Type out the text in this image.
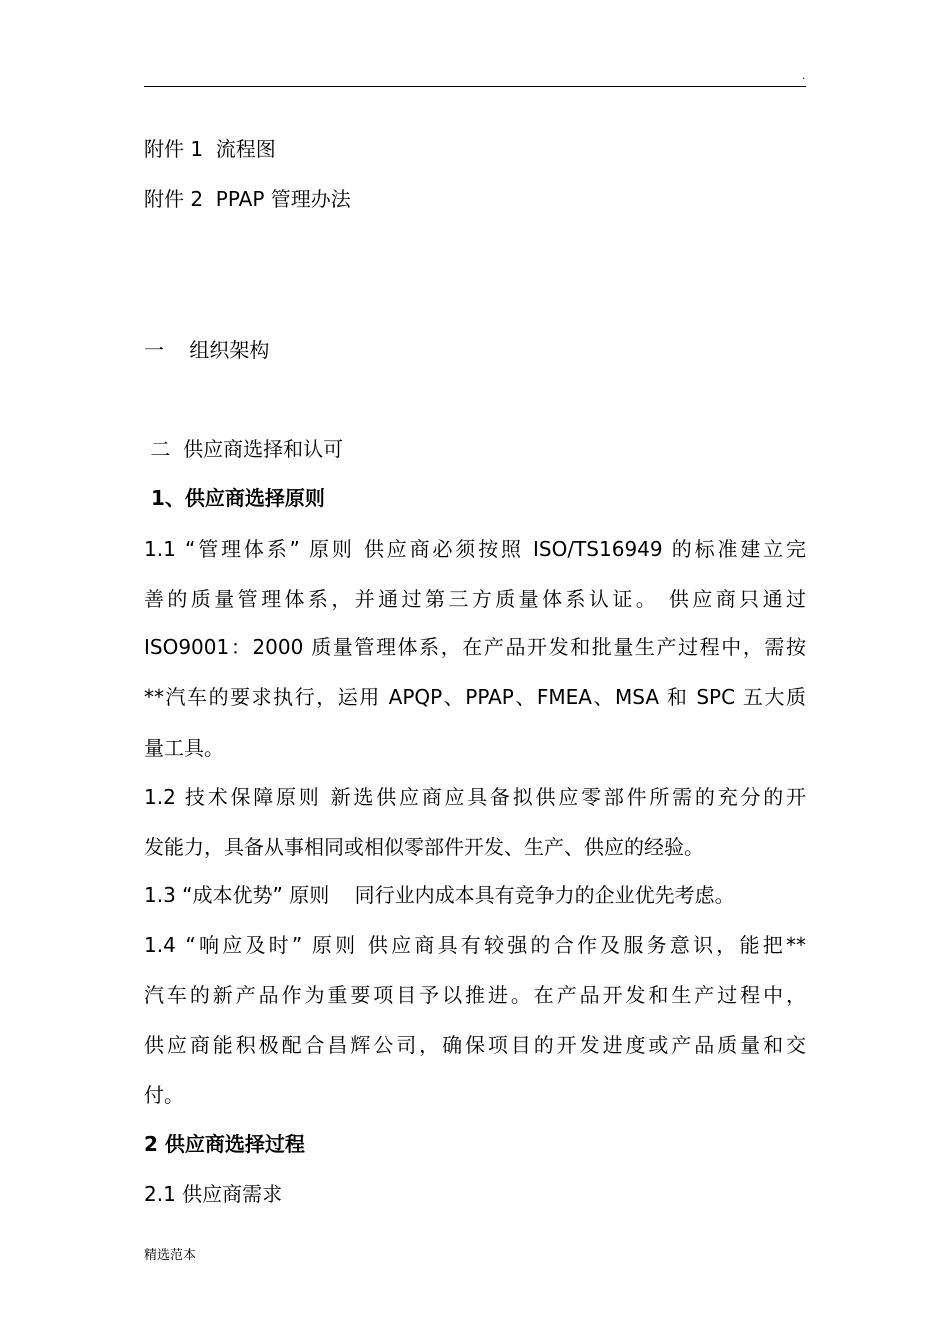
.
附件 1  流程图
附件 2  PPAP 管理办法
一    组织架构
二  供应商选择和认可
1、供应商选择原则
1.1 “管理体系” 原则 供应商必须按照 ISO/TS16949 的标准建立完
善的质量管理体系，并通过第三方质量体系认证。 供应商只通过
ISO9001：2000 质量管理体系，在产品开发和批量生产过程中，需按
**汽车的要求执行，运用 APQP、PPAP、FMEA、MSA 和 SPC 五大质
量工具。
1.2 技术保障原则 新选供应商应具备拟供应零部件所需的充分的开
发能力，具备从事相同或相似零部件开发、生产、供应的经验。
1.3 “成本优势” 原则    同行业内成本具有竞争力的企业优先考虑。
1.4 “响应及时” 原则 供应商具有较强的合作及服务意识，能把**
汽车的新产品作为重要项目予以推进。在产品开发和生产过程中，
供应商能积极配合昌辉公司，确保项目的开发进度或产品质量和交
付。
2 供应商选择过程
2.1 供应商需求
精选范本
